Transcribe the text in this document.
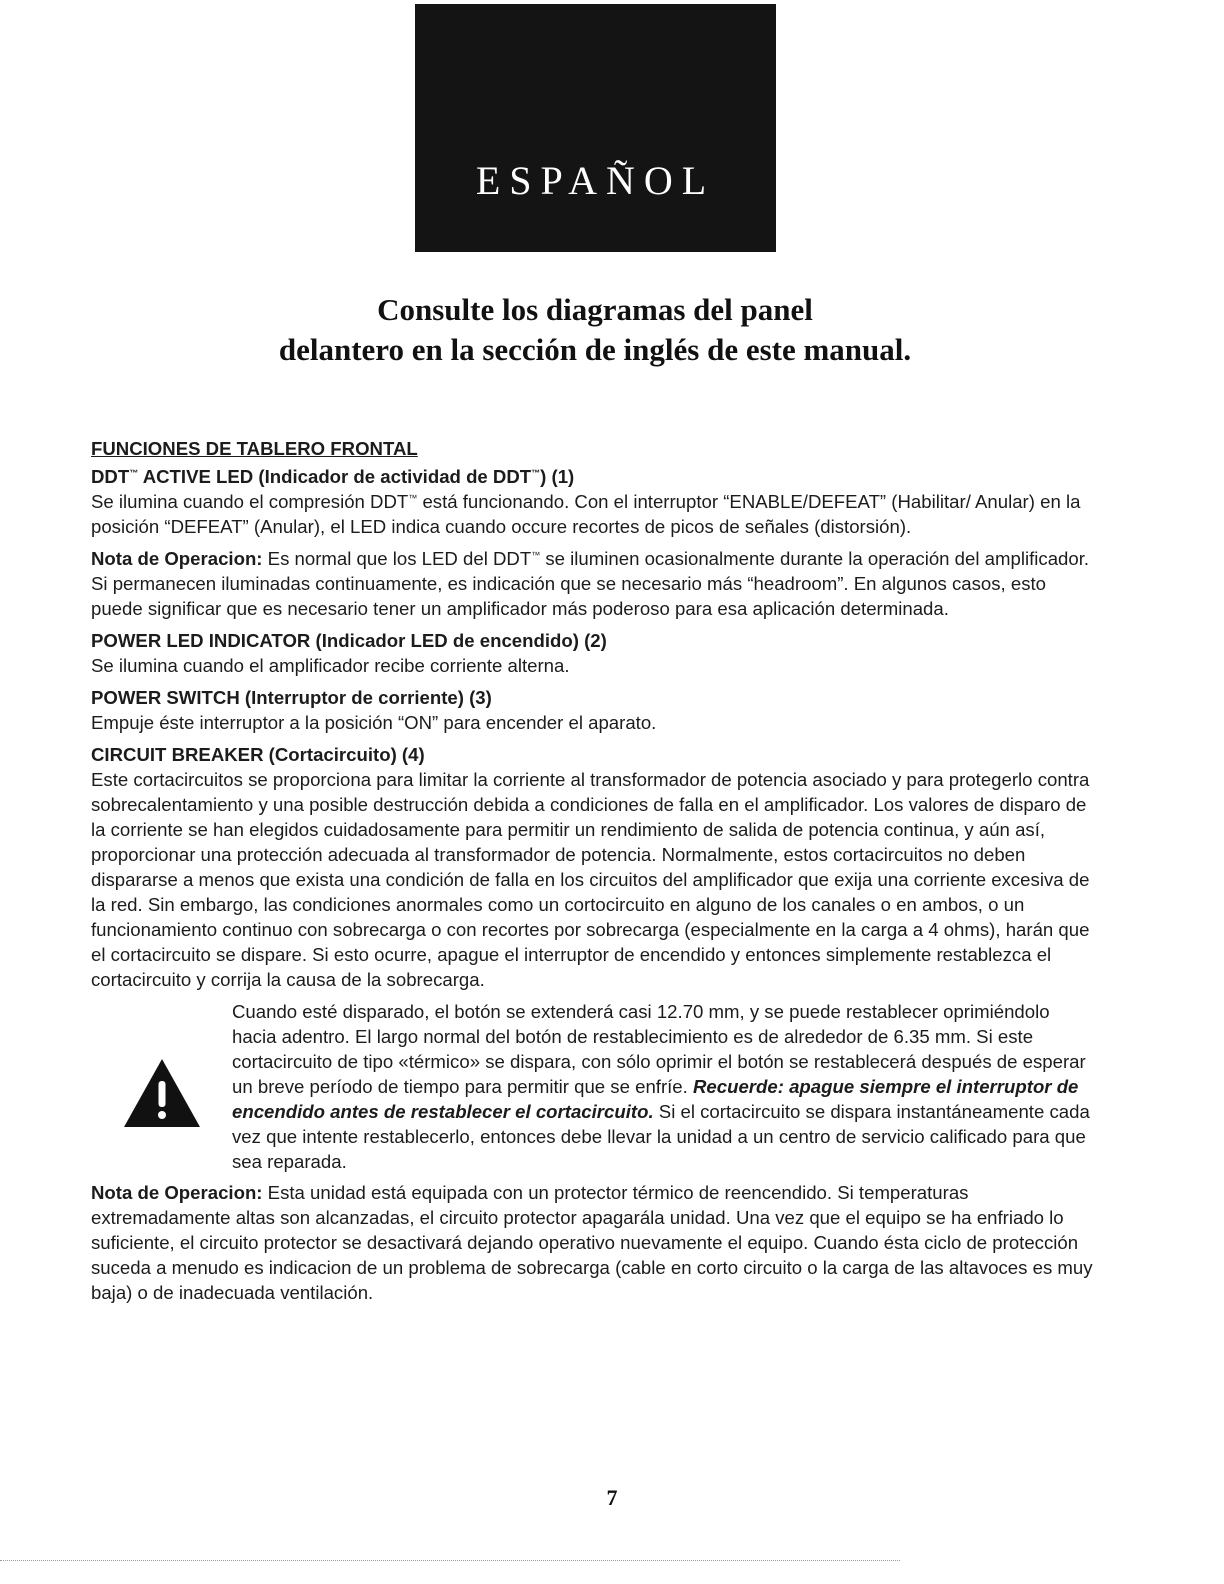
ESPAÑOL
Consulte los diagramas del panel
delantero en la sección de inglés de este manual.
FUNCIONES DE TABLERO FRONTAL
DDT™ ACTIVE LED (Indicador de actividad de DDT™) (1)
Se ilumina cuando el compresión DDT™ está funcionando. Con el interruptor “ENABLE/DEFEAT” (Habilitar/ Anular) en la posición “DEFEAT” (Anular), el LED indica cuando occure recortes de picos de señales (distorsión).
Nota de Operacion: Es normal que los LED del DDT™ se iluminen ocasionalmente durante la operación del amplificador. Si permanecen iluminadas continuamente, es indicación que se necesario más “headroom”. En algunos casos, esto puede significar que es necesario tener un amplificador más poderoso para esa aplicación determinada.
POWER LED INDICATOR (Indicador LED de encendido) (2)
Se ilumina cuando el amplificador recibe corriente alterna.
POWER SWITCH (Interruptor de corriente) (3)
Empuje éste interruptor a la posición “ON” para encender el aparato.
CIRCUIT BREAKER (Cortacircuito) (4)
Este cortacircuitos se proporciona para limitar la corriente al transformador de potencia asociado y para protegerlo contra sobrecalentamiento y una posible destrucción debida a condiciones de falla en el amplificador. Los valores de disparo de la corriente se han elegidos cuidadosamente para permitir un rendimiento de salida de potencia continua, y aún así, proporcionar una protección adecuada al transformador de potencia. Normalmente, estos cortacircuitos no deben dispararse a menos que exista una condición de falla en los circuitos del amplificador que exija una corriente excesiva de la red. Sin embargo, las condiciones anormales como un cortocircuito en alguno de los canales o en ambos, o un funcionamiento continuo con sobrecarga o con recortes por sobrecarga (especialmente en la carga a 4 ohms), harán que el cortacircuito se dispare. Si esto ocurre, apague el interruptor de encendido y entonces simplemente restablezca el cortacircuito y corrija la causa de la sobrecarga.
Cuando esté disparado, el botón se extenderá casi 12.70 mm, y se puede restablecer oprimiéndolo hacia adentro. El largo normal del botón de restablecimiento es de alrededor de 6.35 mm. Si este cortacircuito de tipo «térmico» se dispara, con sólo oprimir el botón se restablecerá después de esperar un breve período de tiempo para permitir que se enfríe. Recuerde: apague siempre el interruptor de encendido antes de restablecer el cortacircuito. Si el cortacircuito se dispara instantáneamente cada vez que intente restablecerlo, entonces debe llevar la unidad a un centro de servicio calificado para que sea reparada.
Nota de Operacion: Esta unidad está equipada con un protector térmico de reencendido. Si temperaturas extremadamente altas son alcanzadas, el circuito protector apagarála unidad. Una vez que el equipo se ha enfriado lo suficiente, el circuito protector se desactivará dejando operativo nuevamente el equipo. Cuando ésta ciclo de protección suceda a menudo es indicacion de un problema de sobrecarga (cable en corto circuito o la carga de las altavoces es muy baja) o de inadecuada ventilación.
7
